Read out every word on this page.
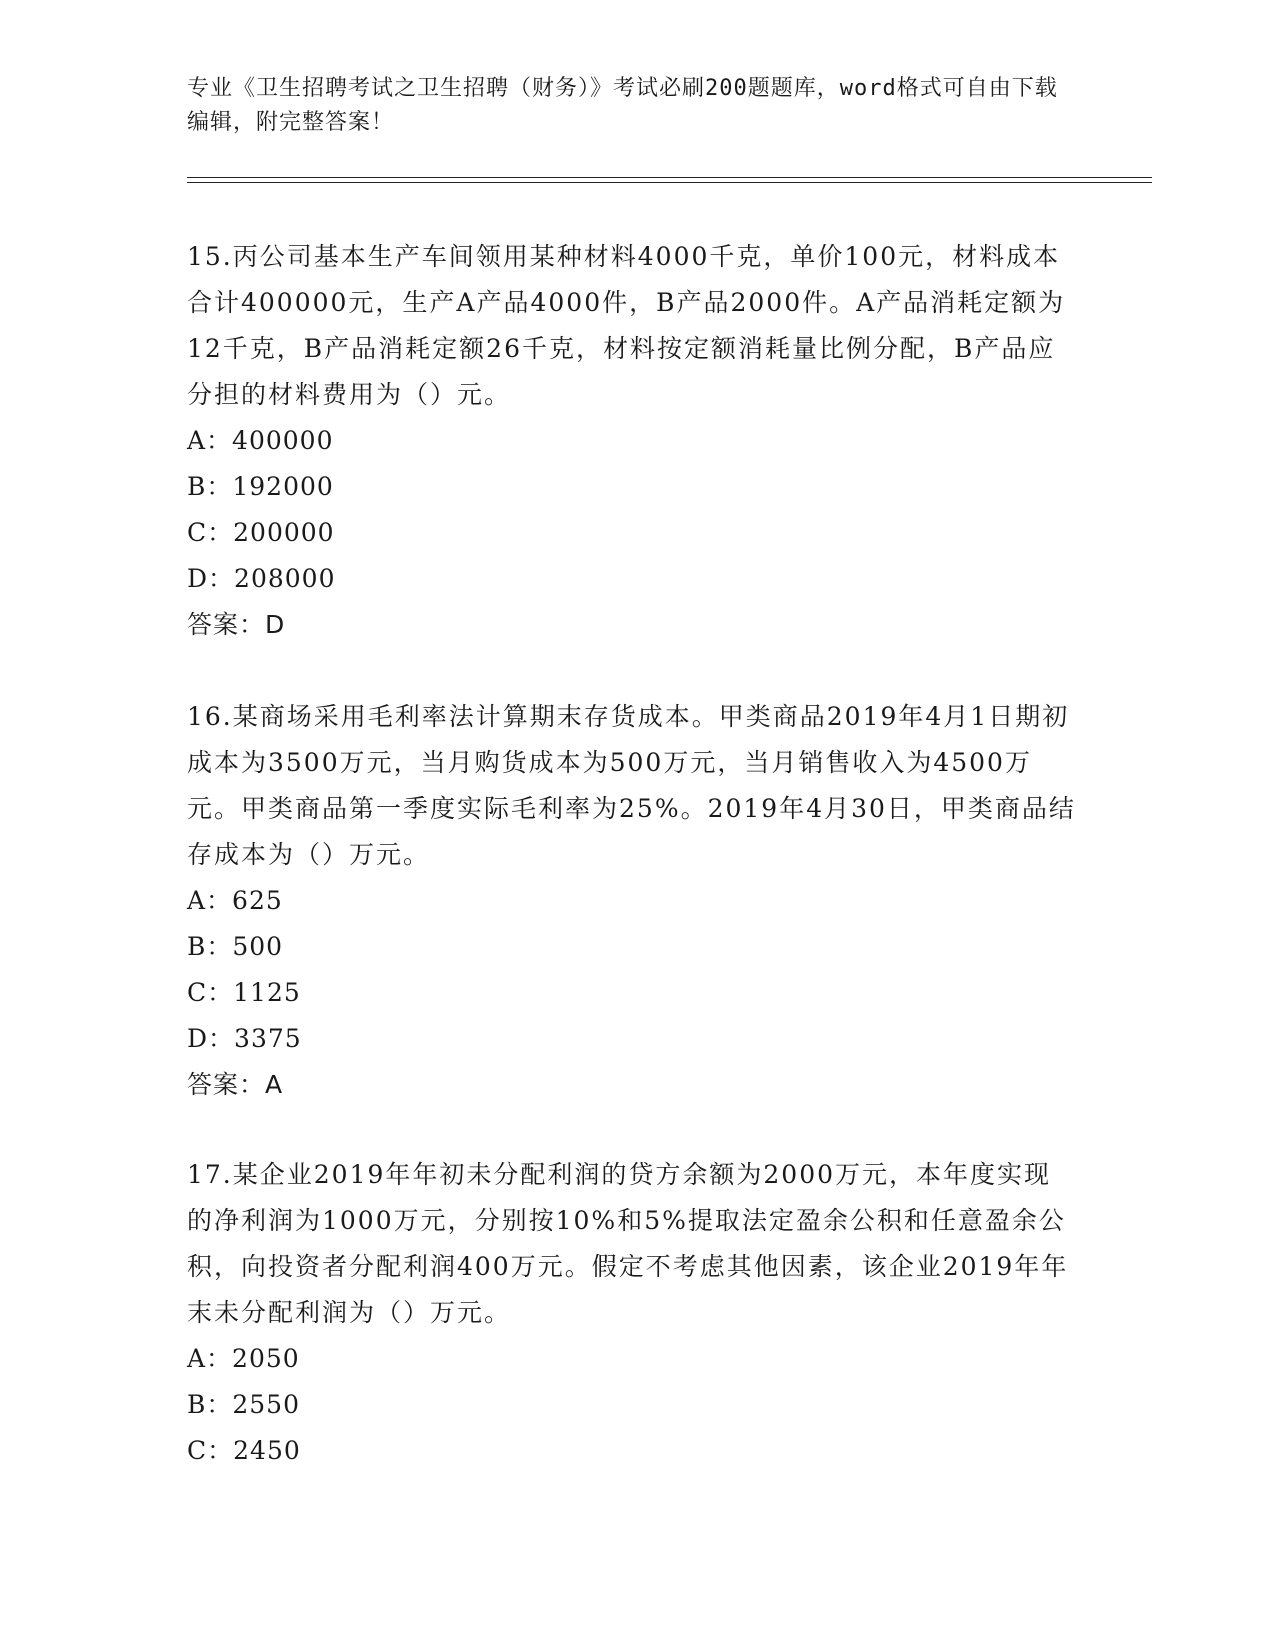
专业《卫生招聘考试之卫生招聘（财务）》考试必刷200题题库，word格式可自由下载编辑，附完整答案！

15.丙公司基本生产车间领用某种材料4000千克，单价100元，材料成本合计400000元，生产A产品4000件，B产品2000件。A产品消耗定额为12千克，B产品消耗定额26千克，材料按定额消耗量比例分配，B产品应分担的材料费用为（）元。

A：400000

B：192000

C：200000

D：208000

答案：D

16.某商场采用毛利率法计算期末存货成本。甲类商品2019年4月1日期初成本为3500万元，当月购货成本为500万元，当月销售收入为4500万元。甲类商品第一季度实际毛利率为25%。2019年4月30日，甲类商品结存成本为（）万元。

A：625

B：500

C：1125

D：3375

答案：A

17.某企业2019年年初未分配利润的贷方余额为2000万元，本年度实现的净利润为1000万元，分别按10%和5%提取法定盈余公积和任意盈余公积，向投资者分配利润400万元。假定不考虑其他因素，该企业2019年年末未分配利润为（）万元。

A：2050

B：2550

C：2450
